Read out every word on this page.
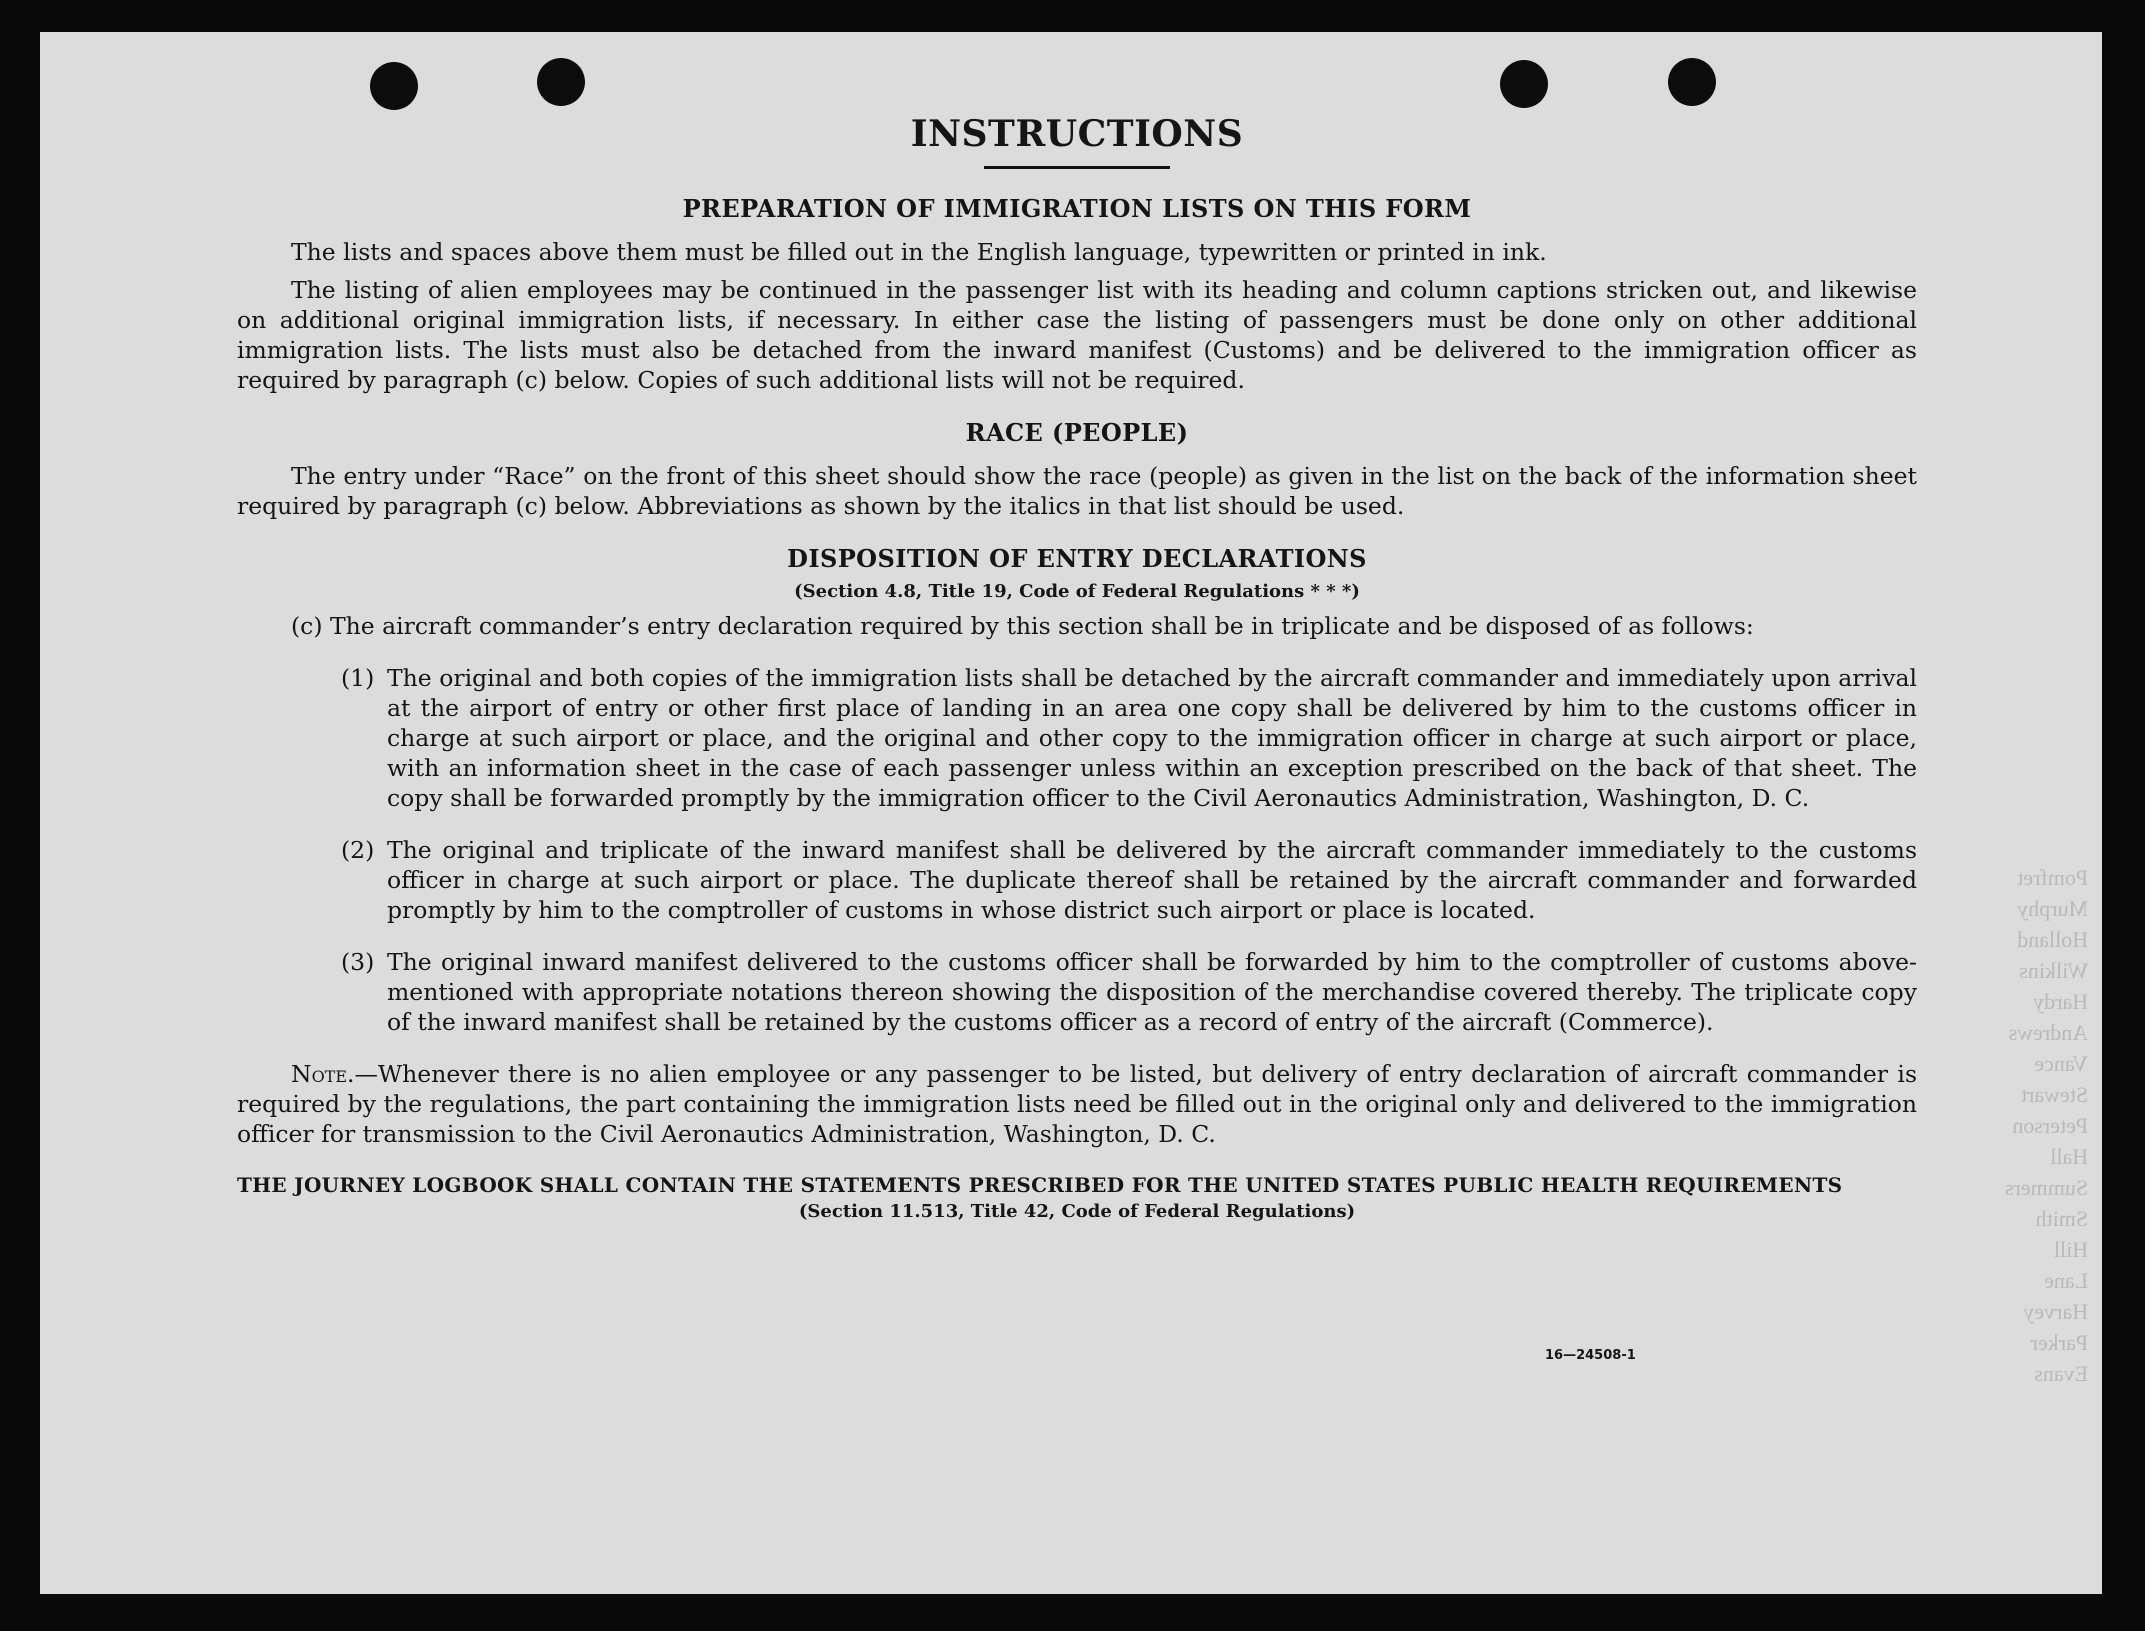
Pomfret
Murphy
Holland
Wilkins
Hardy
Andrews
Vance
Stewart
Peterson
Hall
Summers
Smith
Hill
Lane
Harvey
Parker
Evans
INSTRUCTIONS
PREPARATION OF IMMIGRATION LISTS ON THIS FORM

The lists and spaces above them must be filled out in the English language, typewritten or printed in ink.

The listing of alien employees may be continued in the passenger list with its heading and column captions stricken out, and likewise on additional original immigration lists, if necessary. In either case the listing of passengers must be done only on other additional immigration lists. The lists must also be detached from the inward manifest (Customs) and be delivered to the immigration officer as required by paragraph (c) below. Copies of such additional lists will not be required.

RACE (PEOPLE)

The entry under “Race” on the front of this sheet should show the race (people) as given in the list on the back of the information sheet required by paragraph (c) below. Abbreviations as shown by the italics in that list should be used.

DISPOSITION OF ENTRY DECLARATIONS
(Section 4.8, Title 19, Code of Federal Regulations * * *)

(c) The aircraft commander’s entry declaration required by this section shall be in triplicate and be disposed of as follows:

(1) The original and both copies of the immigration lists shall be detached by the aircraft commander and immediately upon arrival at the airport of entry or other first place of landing in an area one copy shall be delivered by him to the customs officer in charge at such airport or place, and the original and other copy to the immigration officer in charge at such airport or place, with an information sheet in the case of each passenger unless within an exception prescribed on the back of that sheet. The copy shall be forwarded promptly by the immigration officer to the Civil Aeronautics Administration, Washington, D. C.
(2) The original and triplicate of the inward manifest shall be delivered by the aircraft commander immediately to the customs officer in charge at such airport or place. The duplicate thereof shall be retained by the aircraft commander and forwarded promptly by him to the comptroller of customs in whose district such airport or place is located.
(3) The original inward manifest delivered to the customs officer shall be forwarded by him to the comptroller of customs above-mentioned with appropriate notations thereon showing the disposition of the merchandise covered thereby. The triplicate copy of the inward manifest shall be retained by the customs officer as a record of entry of the aircraft (Commerce).

Note.—Whenever there is no alien employee or any passenger to be listed, but delivery of entry declaration of aircraft commander is required by the regulations, the part containing the immigration lists need be filled out in the original only and delivered to the immigration officer for transmission to the Civil Aeronautics Administration, Washington, D. C.

THE JOURNEY LOGBOOK SHALL CONTAIN THE STATEMENTS PRESCRIBED FOR THE UNITED STATES PUBLIC HEALTH REQUIREMENTS

(Section 11.513, Title 42, Code of Federal Regulations)
16—24508-1
